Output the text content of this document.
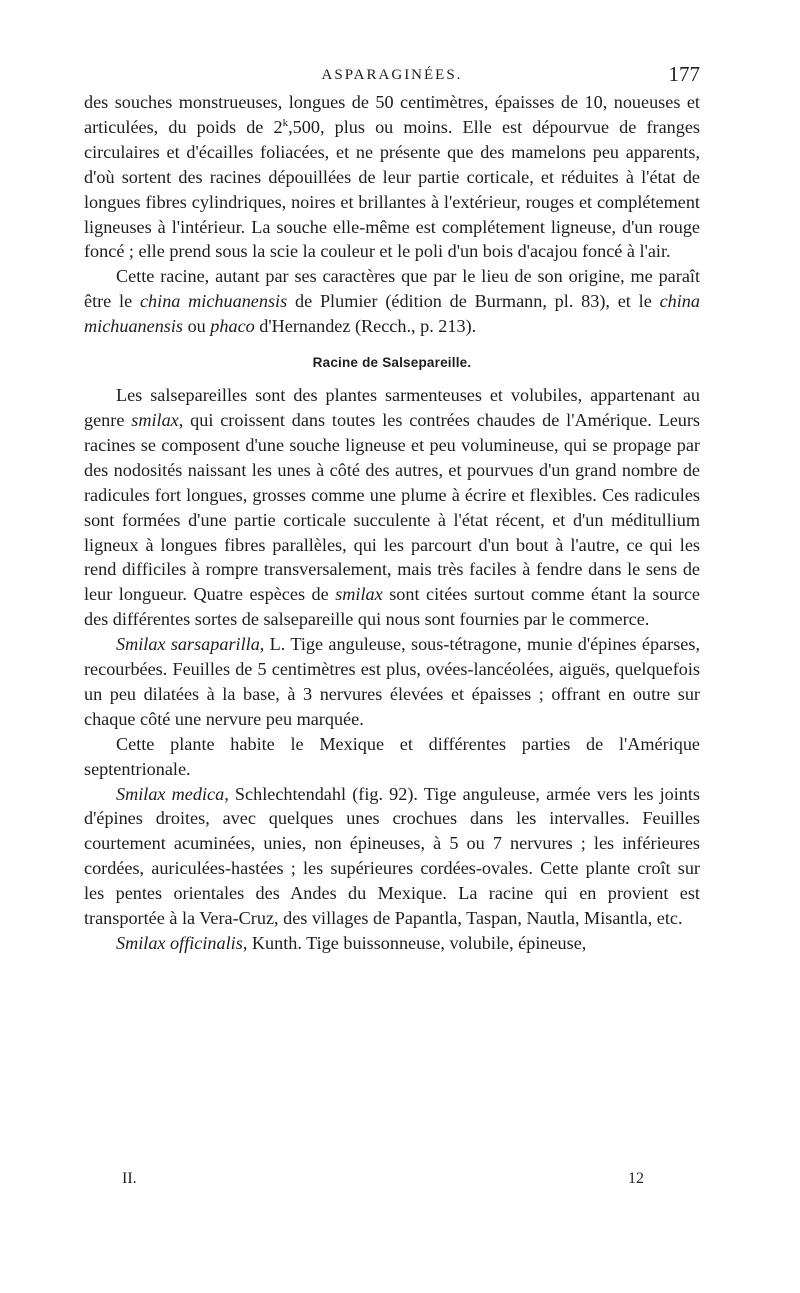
ASPARAGINÉES.	177

des souches monstrueuses, longues de 50 centimètres, épaisses de 10, noueuses et articulées, du poids de 2$^k$,500, plus ou moins. Elle est dépourvue de franges circulaires et d'écailles foliacées, et ne présente que des mamelons peu apparents, d'où sortent des racines dépouillées de leur partie corticale, et réduites à l'état de longues fibres cylindriques, noires et brillantes à l'extérieur, rouges et complétement ligneuses à l'intérieur. La souche elle-même est complétement ligneuse, d'un rouge foncé ; elle prend sous la scie la couleur et le poli d'un bois d'acajou foncé à l'air.

Cette racine, autant par ses caractères que par le lieu de son origine, me paraît être le china michuanensis de Plumier (édition de Burmann, pl. 83), et le china michuanensis ou phaco d'Hernandez (Recch., p. 213).

Racine de Salsepareille.

Les salsepareilles sont des plantes sarmenteuses et volubiles, appartenant au genre smilax, qui croissent dans toutes les contrées chaudes de l'Amérique. Leurs racines se composent d'une souche ligneuse et peu volumineuse, qui se propage par des nodosités naissant les unes à côté des autres, et pourvues d'un grand nombre de radicules fort longues, grosses comme une plume à écrire et flexibles. Ces radicules sont formées d'une partie corticale succulente à l'état récent, et d'un méditullium ligneux à longues fibres parallèles, qui les parcourt d'un bout à l'autre, ce qui les rend difficiles à rompre transversalement, mais très faciles à fendre dans le sens de leur longueur. Quatre espèces de smilax sont citées surtout comme étant la source des différentes sortes de salsepareille qui nous sont fournies par le commerce.

Smilax sarsaparilla, L. Tige anguleuse, sous-tétragone, munie d'épines éparses, recourbées. Feuilles de 5 centimètres est plus, ovées-lancéolées, aiguës, quelquefois un peu dilatées à la base, à 3 nervures élevées et épaisses ; offrant en outre sur chaque côté une nervure peu marquée.

Cette plante habite le Mexique et différentes parties de l'Amérique septentrionale.

Smilax medica, Schlechtendahl (fig. 92). Tige anguleuse, armée vers les joints d'épines droites, avec quelques unes crochues dans les intervalles. Feuilles courtement acuminées, unies, non épineuses, à 5 ou 7 nervures ; les inférieures cordées, auriculées-hastées ; les supérieures cordées-ovales. Cette plante croît sur les pentes orientales des Andes du Mexique. La racine qui en provient est transportée à la Vera-Cruz, des villages de Papantla, Taspan, Nautla, Misantla, etc.

Smilax officinalis, Kunth. Tige buissonneuse, volubile, épineuse,

II.	12
